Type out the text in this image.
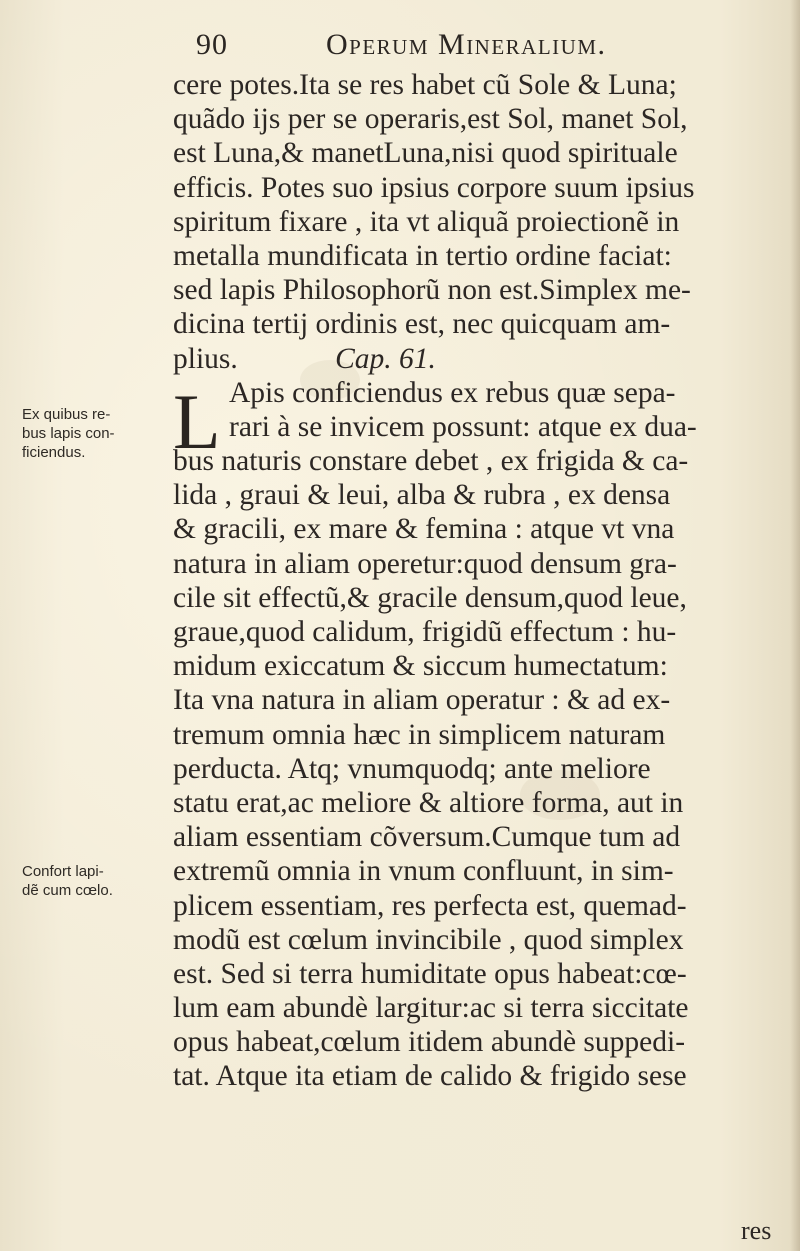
90	Operum Mineralium.
L
cere potes.Ita se res habet cũ Sole & Luna;
quãdo ijs per se operaris,est Sol, manet Sol,
est Luna,& manetLuna,nisi quod spirituale
efficis. Potes suo ipsius corpore suum ipsius
spiritum fixare , ita vt aliquã proiectionẽ in
metalla mundificata in tertio ordine faciat:
sed lapis Philosophorũ non est.Simplex me-
dicina tertij ordinis est, nec quicquam am-
plius.	Cap. 61.
Apis conficiendus ex rebus quæ sepa-
rari à se invicem possunt: atque ex dua-
bus naturis constare debet , ex frigida & ca-
lida , graui & leui, alba & rubra , ex densa
& gracili, ex mare & femina : atque vt vna
natura in aliam operetur:quod densum gra-
cile sit effectũ,& gracile densum,quod leue,
graue,quod calidum, frigidũ effectum : hu-
midum exiccatum & siccum humectatum:
Ita vna natura in aliam operatur : & ad ex-
tremum omnia hæc in simplicem naturam
perducta. Atq; vnumquodq; ante meliore
statu erat,ac meliore & altiore forma, aut in
aliam essentiam cõversum.Cumque tum ad
extremũ omnia in vnum confluunt, in sim-
plicem essentiam, res perfecta est, quemad-
modũ est cœlum invincibile , quod simplex
est. Sed si terra humiditate opus habeat:cœ-
lum eam abundè largitur:ac si terra siccitate
opus habeat,cœlum itidem abundè suppedi-
tat. Atque ita etiam de calido & frigido sese
res
Ex quibus re-
bus lapis con-
ficiendus.
Confort lapi-
dẽ cum cœlo.
